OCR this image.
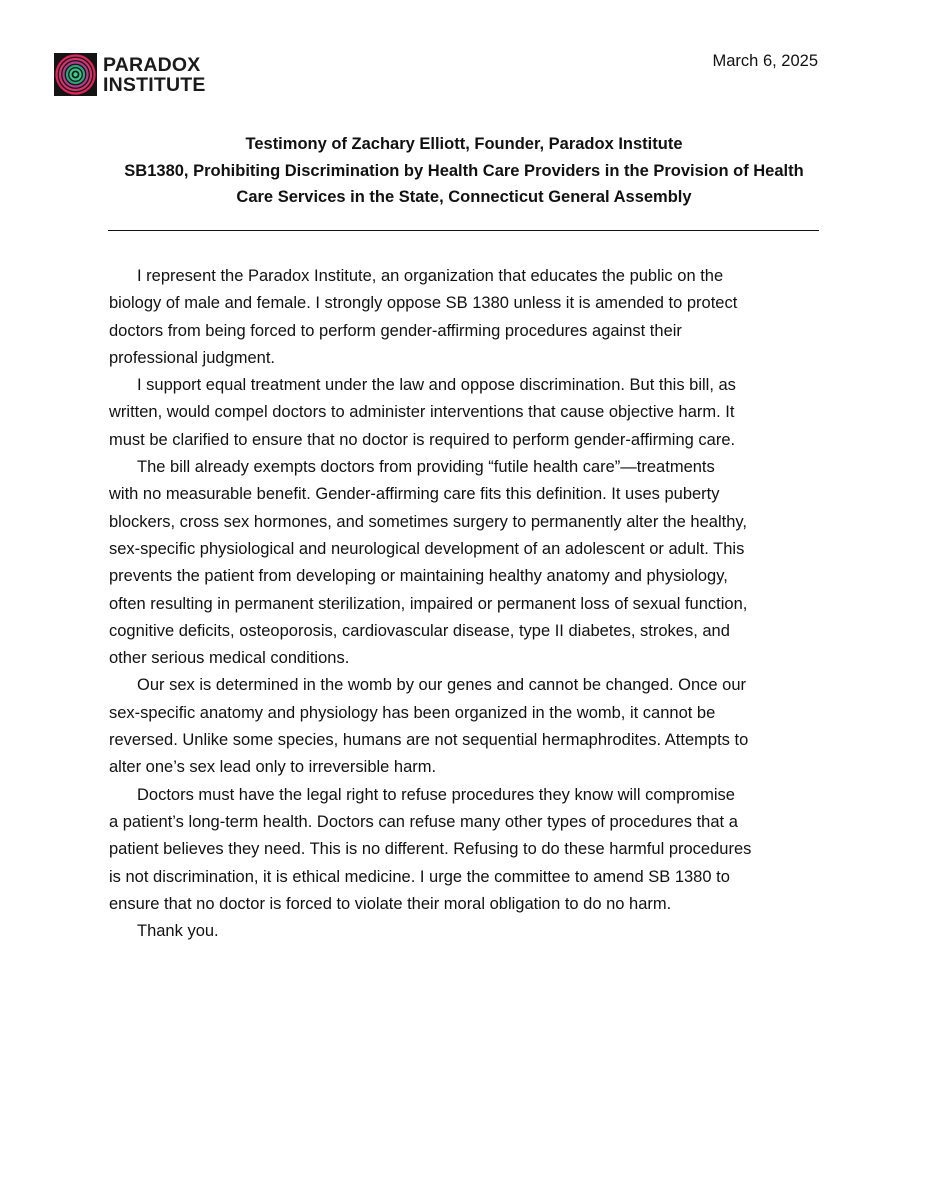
PARADOX
INSTITUTE
March 6, 2025
Testimony of Zachary Elliott, Founder, Paradox Institute
SB1380, Prohibiting Discrimination by Health Care Providers in the Provision of Health
Care Services in the State, Connecticut General Assembly
I represent the Paradox Institute, an organization that educates the public on the
biology of male and female. I strongly oppose SB 1380 unless it is amended to protect
doctors from being forced to perform gender-affirming procedures against their
professional judgment.
I support equal treatment under the law and oppose discrimination. But this bill, as
written, would compel doctors to administer interventions that cause objective harm. It
must be clarified to ensure that no doctor is required to perform gender-affirming care.
The bill already exempts doctors from providing “futile health care”—treatments
with no measurable benefit. Gender-affirming care fits this definition. It uses puberty
blockers, cross sex hormones, and sometimes surgery to permanently alter the healthy,
sex-specific physiological and neurological development of an adolescent or adult. This
prevents the patient from developing or maintaining healthy anatomy and physiology,
often resulting in permanent sterilization, impaired or permanent loss of sexual function,
cognitive deficits, osteoporosis, cardiovascular disease, type II diabetes, strokes, and
other serious medical conditions.
Our sex is determined in the womb by our genes and cannot be changed. Once our
sex-specific anatomy and physiology has been organized in the womb, it cannot be
reversed. Unlike some species, humans are not sequential hermaphrodites. Attempts to
alter one’s sex lead only to irreversible harm.
Doctors must have the legal right to refuse procedures they know will compromise
a patient’s long-term health. Doctors can refuse many other types of procedures that a
patient believes they need. This is no different. Refusing to do these harmful procedures
is not discrimination, it is ethical medicine. I urge the committee to amend SB 1380 to
ensure that no doctor is forced to violate their moral obligation to do no harm.
Thank you.
